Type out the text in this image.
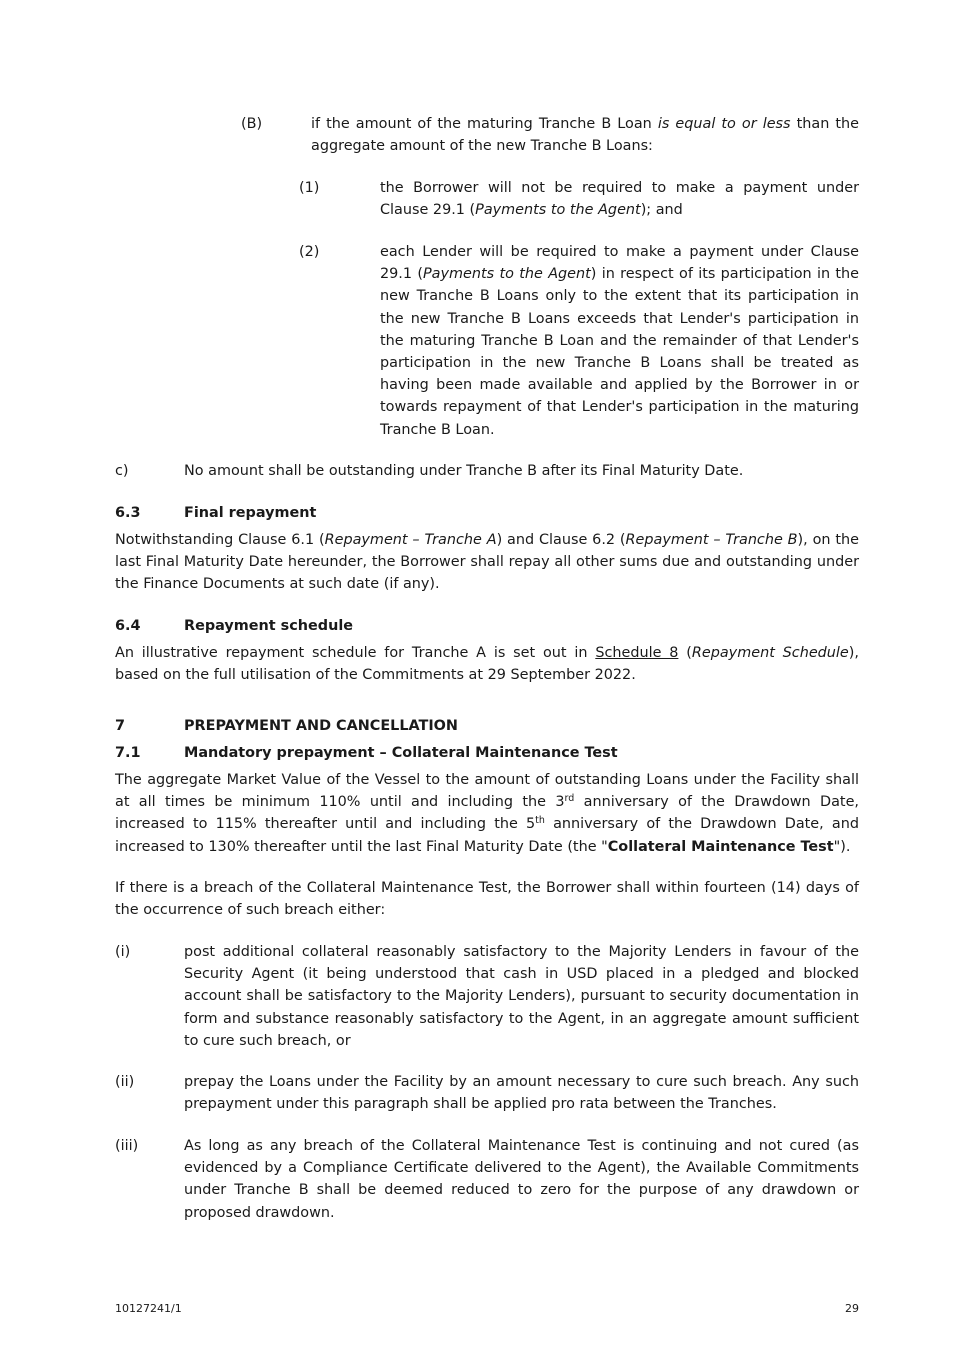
(B)	if the amount of the maturing Tranche B Loan is equal to or less than the aggregate amount of the new Tranche B Loans:
(1)	the Borrower will not be required to make a payment under Clause 29.1 (Payments to the Agent); and
(2)	each Lender will be required to make a payment under Clause 29.1 (Payments to the Agent) in respect of its participation in the new Tranche B Loans only to the extent that its participation in the new Tranche B Loans exceeds that Lender's participation in the maturing Tranche B Loan and the remainder of that Lender's participation in the new Tranche B Loans shall be treated as having been made available and applied by the Borrower in or towards repayment of that Lender's participation in the maturing Tranche B Loan.
c)	No amount shall be outstanding under Tranche B after its Final Maturity Date.
6.3	Final repayment
Notwithstanding Clause 6.1 (Repayment – Tranche A) and Clause 6.2 (Repayment – Tranche B), on the last Final Maturity Date hereunder, the Borrower shall repay all other sums due and outstanding under the Finance Documents at such date (if any).
6.4	Repayment schedule
An illustrative repayment schedule for Tranche A is set out in Schedule 8 (Repayment Schedule), based on the full utilisation of the Commitments at 29 September 2022.
7	PREPAYMENT AND CANCELLATION
7.1	Mandatory prepayment – Collateral Maintenance Test
The aggregate Market Value of the Vessel to the amount of outstanding Loans under the Facility shall at all times be minimum 110% until and including the 3rd anniversary of the Drawdown Date, increased to 115% thereafter until and including the 5th anniversary of the Drawdown Date, and increased to 130% thereafter until the last Final Maturity Date (the "Collateral Maintenance Test").
If there is a breach of the Collateral Maintenance Test, the Borrower shall within fourteen (14) days of the occurrence of such breach either:
(i)	post additional collateral reasonably satisfactory to the Majority Lenders in favour of the Security Agent (it being understood that cash in USD placed in a pledged and blocked account shall be satisfactory to the Majority Lenders), pursuant to security documentation in form and substance reasonably satisfactory to the Agent, in an aggregate amount sufficient to cure such breach, or
(ii)	prepay the Loans under the Facility by an amount necessary to cure such breach. Any such prepayment under this paragraph shall be applied pro rata between the Tranches.
(iii)	As long as any breach of the Collateral Maintenance Test is continuing and not cured (as evidenced by a Compliance Certificate delivered to the Agent), the Available Commitments under Tranche B shall be deemed reduced to zero for the purpose of any drawdown or proposed drawdown.
10127241/1	29
